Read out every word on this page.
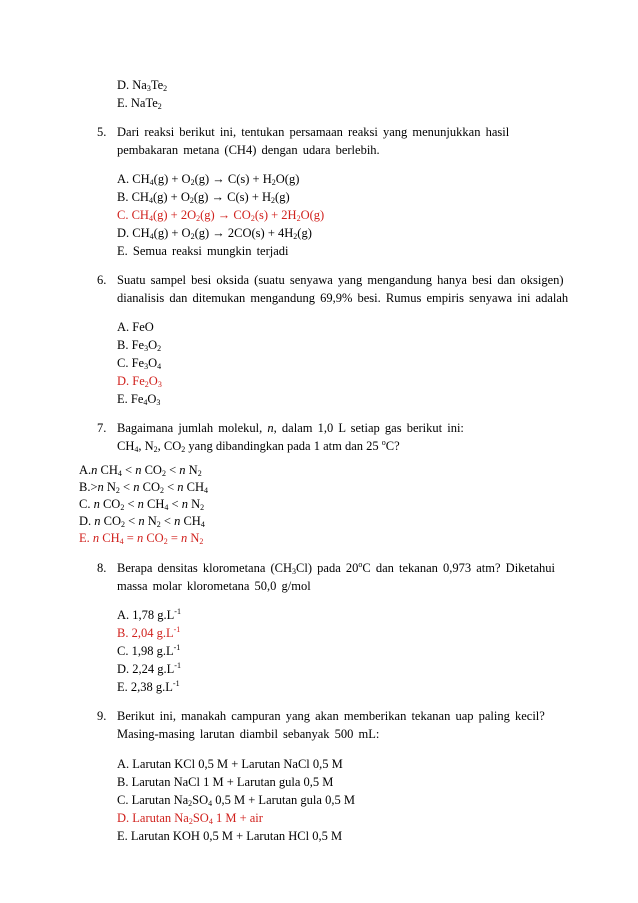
D. $Na_3Te_2$
E. NaTe$_2$
5. Dari reaksi berikut ini, tentukan persamaan reaksi yang menunjukkan hasil
pembakaran metana (CH4) dengan udara berlebih.
A. $CH_4(g) + O_2(g) \to C(s) + H_2O(g)$
B. $CH_4(g) + O_2(g) \to C(s) + H_2(g)$
C. $CH_4(g) + 2O_2(g) \to CO_2(s) + 2H_2O(g)$
D. $CH_4(g) + O_2(g) \to 2CO(s) + 4H_2(g)$
E. Semua reaksi mungkin terjadi
6. Suatu sampel besi oksida (suatu senyawa yang mengandung hanya besi dan oksigen)
dianalisis dan ditemukan mengandung 69,9% besi. Rumus empiris senyawa ini adalah
A. FeO
B. $Fe_3O_2$
C. $Fe_3O_4$
D. $Fe_2O_3$
E. $Fe_4O_3$
7. Bagaimana jumlah molekul, n, dalam 1,0 L setiap gas berikut ini:
$CH_4$, $N_2$, $CO_2$ yang dibandingkan pada 1 atm dan 25 $^o$C?
A.n $CH_4 < n$ $CO_2 < n$ $N_2$
B.>n $N_2 < n$ $CO_2 < n$ $CH_4$
C. n $CO_2 < n$ $CH_4 < n$ $N_2$
D. n $CO_2 < n$ $N_2 < n$ $CH_4$
E. n $CH_4 = n$ $CO_2 = n$ $N_2$
8. Berapa densitas klorometana $(CH_3Cl)$ pada 20$^o$C dan tekanan 0,973 atm? Diketahui
massa molar klorometana 50,0 g/mol
A. 1,78 $g.L^{-1}$
B. 2,04 $g.L^{-1}$
C. 1,98 $g.L^{-1}$
D. 2,24 $g.L^{-1}$
E. 2,38 $g.L^{-1}$
9. Berikut ini, manakah campuran yang akan memberikan tekanan uap paling kecil?
Masing-masing larutan diambil sebanyak 500 mL:
A. Larutan KCl 0,5 M + Larutan NaCl 0,5 M
B. Larutan NaCl 1 M + Larutan gula 0,5 M
C. Larutan $Na_2SO_4$ 0,5 M + Larutan gula 0,5 M
D. Larutan $Na_2SO_4$ 1 M + air
E. Larutan KOH 0,5 M + Larutan HCl 0,5 M
